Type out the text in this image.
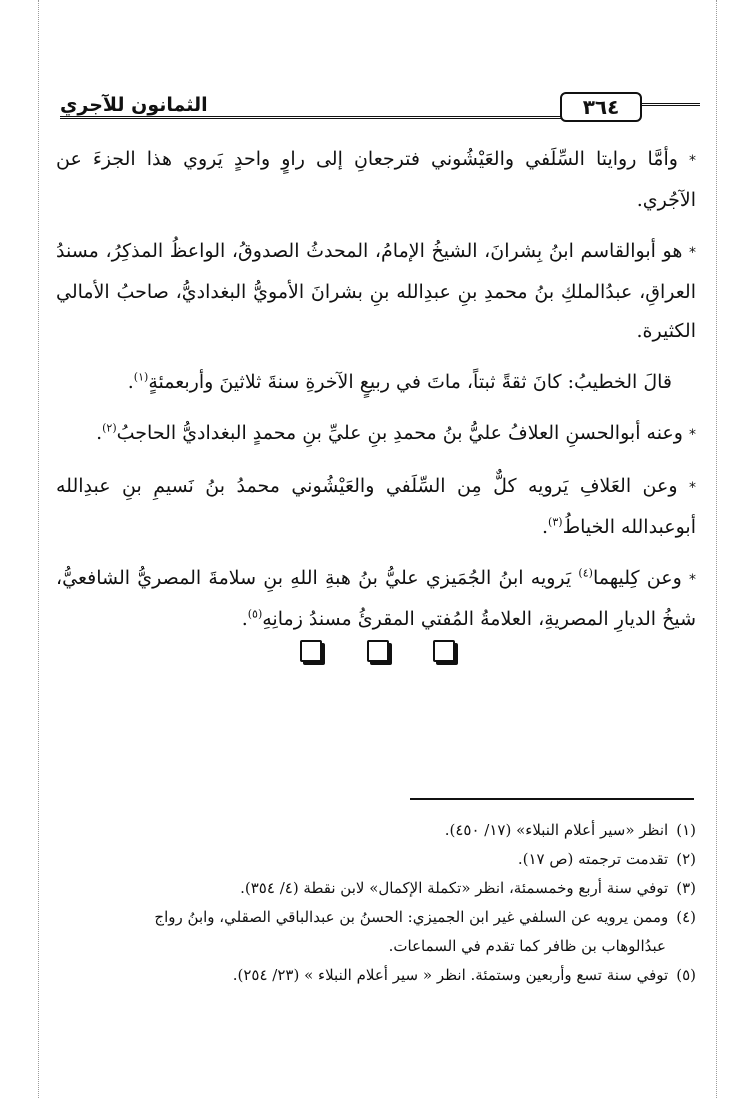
الثمانون للآجري	٣٦٤

* وأمَّا روايتا السِّلَفي والعَيْشُوني فترجعانِ إلى راوٍ واحدٍ يَروي هذا الجزءَ عن الآجُري.

* هو أبوالقاسم ابنُ بِشرانَ، الشيخُ الإمامُ، المحدثُ الصدوقُ، الواعظُ المذكِرُ، مسندُ العراقِ، عبدُالملكِ بنُ محمدِ بنِ عبدِالله بنِ بشرانَ الأمويُّ البغداديُّ، صاحبُ الأمالي الكثيرة.

قالَ الخطيبُ: كانَ ثقةً ثبتاً، ماتَ في ربيعٍ الآخرةِ سنةَ ثلاثينَ وأربعمئةٍ$^{(١)}$.

* وعنه أبوالحسنِ العلافُ عليُّ بنُ محمدِ بنِ عليِّ بنِ محمدٍ البغداديُّ الحاجبُ$^{(٢)}$.

* وعن العَلافِ يَرويه كلٌّ مِن السِّلَفي والعَيْشُوني محمدُ بنُ نَسيمِ بنِ عبدِالله أبوعبدالله الخياطُ$^{(٣)}$.

* وعن كِليهما$^{(٤)}$ يَرويه ابنُ الجُمَيزي عليُّ بنُ هبةِ اللهِ بنِ سلامةَ المصريُّ الشافعيُّ، شيخُ الديارِ المصريةِ، العلامةُ المُفتي المقرئُ مسندُ زمانِهِ$^{(٥)}$.

(١)انظر «سير أعلام النبلاء» (١٧/ ٤٥٠).

(٢)تقدمت ترجمته (ص ١٧).

(٣)توفي سنة أربع وخمسمئة، انظر «تكملة الإكمال» لابن نقطة (٤/ ٣٥٤).

(٤)وممن يرويه عن السلفي غير ابن الجميزي: الحسنُ بن عبدالباقي الصقلي، وابنُ رواج

عبدُالوهاب بن ظافر كما تقدم في السماعات.

(٥)توفي سنة تسع وأربعين وستمئة. انظر « سير أعلام النبلاء » (٢٣/ ٢٥٤).
